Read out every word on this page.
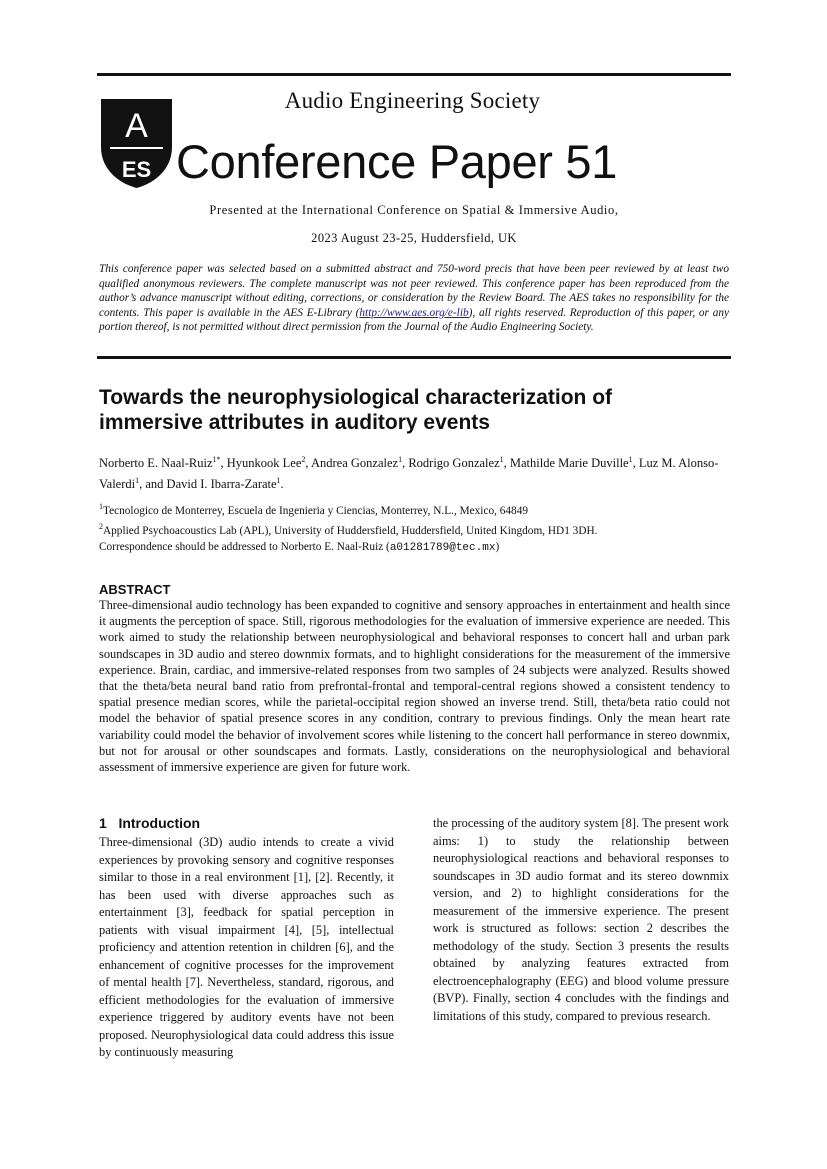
A
ES
Audio Engineering Society
Conference Paper 51
Presented at the International Conference on Spatial & Immersive Audio,
2023 August 23-25, Huddersfield, UK
This conference paper was selected based on a submitted abstract and 750-word precis that have been peer reviewed by at least two qualified anonymous reviewers. The complete manuscript was not peer reviewed. This conference paper has been reproduced from the author’s advance manuscript without editing, corrections, or consideration by the Review Board. The AES takes no responsibility for the contents. This paper is available in the AES E-Library (http://www.aes.org/e-lib), all rights reserved. Reproduction of this paper, or any portion thereof, is not permitted without direct permission from the Journal of the Audio Engineering Society.
Towards the neurophysiological characterization of immersive attributes in auditory events
Norberto E. Naal-Ruiz$^{1*}$, Hyunkook Lee$^2$, Andrea Gonzalez$^1$, Rodrigo Gonzalez$^1$, Mathilde Marie Duville$^1$, Luz M. Alonso-Valerdi$^1$, and David I. Ibarra-Zarate$^1$.
$^1$Tecnologico de Monterrey, Escuela de Ingenieria y Ciencias, Monterrey, N.L., Mexico, 64849
$^2$Applied Psychoacoustics Lab (APL), University of Huddersfield, Huddersfield, United Kingdom, HD1 3DH.
Correspondence should be addressed to Norberto E. Naal-Ruiz (a01281789@tec.mx)
ABSTRACT
Three-dimensional audio technology has been expanded to cognitive and sensory approaches in entertainment and health since it augments the perception of space. Still, rigorous methodologies for the evaluation of immersive experience are needed. This work aimed to study the relationship between neurophysiological and behavioral responses to concert hall and urban park soundscapes in 3D audio and stereo downmix formats, and to highlight considerations for the measurement of the immersive experience. Brain, cardiac, and immersive-related responses from two samples of 24 subjects were analyzed. Results showed that the theta/beta neural band ratio from prefrontal-frontal and temporal-central regions showed a consistent tendency to spatial presence median scores, while the parietal-occipital region showed an inverse trend. Still, theta/beta ratio could not model the behavior of spatial presence scores in any condition, contrary to previous findings. Only the mean heart rate variability could model the behavior of involvement scores while listening to the concert hall performance in stereo downmix, but not for arousal or other soundscapes and formats. Lastly, considerations on the neurophysiological and behavioral assessment of immersive experience are given for future work.
1   Introduction
Three-dimensional (3D) audio intends to create a vivid experiences by provoking sensory and cognitive responses similar to those in a real environment [1], [2]. Recently, it has been used with diverse approaches such as entertainment [3], feedback for spatial perception in patients with visual impairment [4], [5], intellectual proficiency and attention retention in children [6], and the enhancement of cognitive processes for the improvement of mental health [7]. Nevertheless, standard, rigorous, and efficient methodologies for the evaluation of immersive experience triggered by auditory events have not been proposed. Neurophysiological data could address this issue by continuously measuring
the processing of the auditory system [8]. The present work aims: 1) to study the relationship between neurophysiological reactions and behavioral responses to soundscapes in 3D audio format and its stereo downmix version, and 2) to highlight considerations for the measurement of the immersive experience. The present work is structured as follows: section 2 describes the methodology of the study. Section 3 presents the results obtained by analyzing features extracted from electroencephalography (EEG) and blood volume pressure (BVP). Finally, section 4 concludes with the findings and limitations of this study, compared to previous research.
